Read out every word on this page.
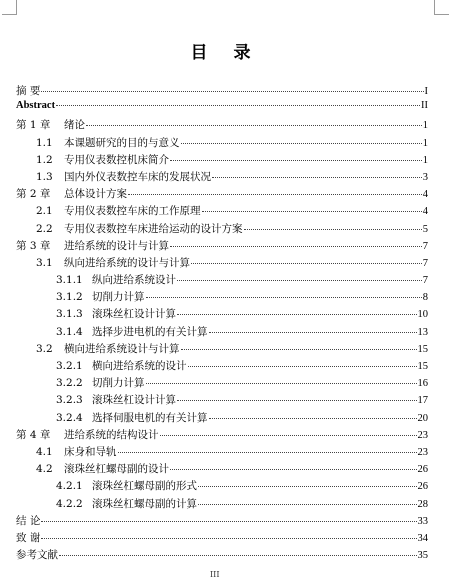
目 录
摘 要	I
Abstract	II
第 1 章 绪论	1
1.1 本课题研究的目的与意义	1
1.2 专用仪表数控机床简介	1
1.3 国内外仪表数控车床的发展状况	3
第 2 章 总体设计方案	4
2.1 专用仪表数控车床的工作原理	4
2.2 专用仪表数控车床进给运动的设计方案	5
第 3 章 进给系统的设计与计算	7
3.1 纵向进给系统的设计与计算	7
3.1.1 纵向进给系统设计	7
3.1.2 切削力计算	8
3.1.3 滚珠丝杠设计计算	10
3.1.4 选择步进电机的有关计算	13
3.2 横向进给系统设计与计算	15
3.2.1 横向进给系统的设计	15
3.2.2 切削力计算	16
3.2.3 滚珠丝杠设计计算	17
3.2.4 选择伺服电机的有关计算	20
第 4 章 进给系统的结构设计	23
4.1 床身和导轨	23
4.2 滚珠丝杠螺母副的设计	26
4.2.1 滚珠丝杠螺母副的形式	26
4.2.2 滚珠丝杠螺母副的计算	28
结 论	33
致 谢	34
参考文献	35
III
